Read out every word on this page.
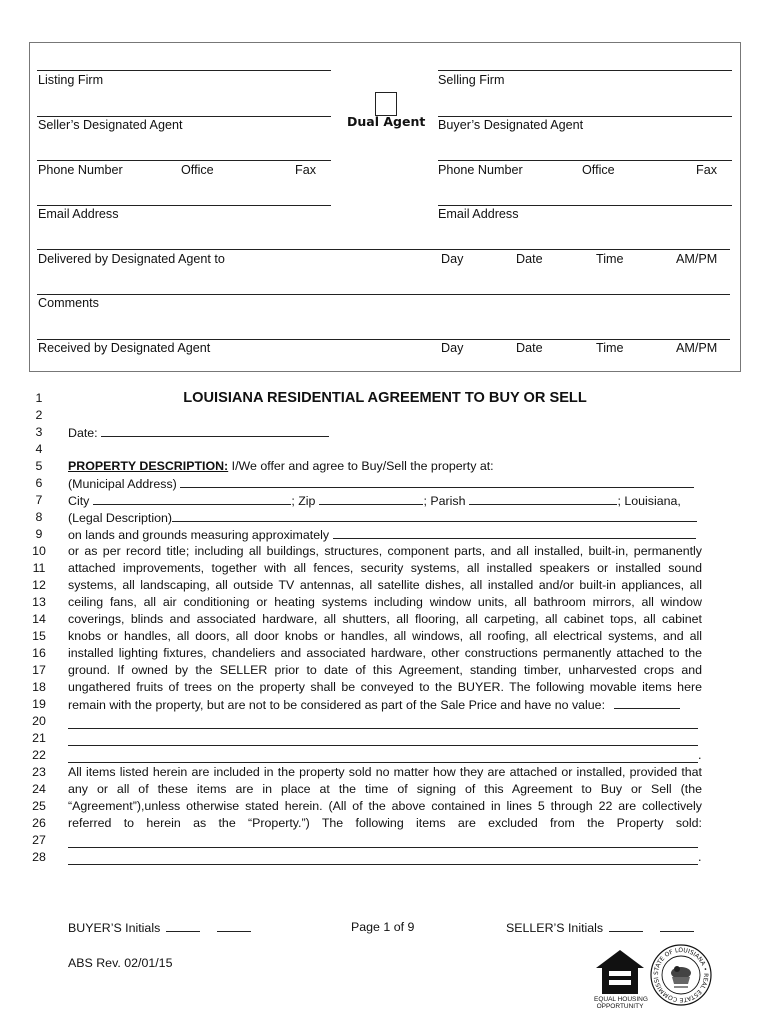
Listing Firm
Seller’s Designated Agent
Phone Number	Office	Fax
Email Address
Dual Agent
Selling Firm
Buyer’s Designated Agent
Phone Number	Office	Fax
Email Address
Delivered by Designated Agent to	Day	Date	Time	AM/PM
Comments
Received by Designated Agent	Day	Date	Time	AM/PM
LOUISIANA RESIDENTIAL AGREEMENT TO BUY OR SELL
1
2
3
4
5
6
7
8
9
10
11
12
13
14
15
16
17
18
19
20
21
22
23
24
25
26
27
28
Date:
PROPERTY DESCRIPTION: I/We offer and agree to Buy/Sell the property at:
(Municipal Address)
City	; Zip	; Parish	; Louisiana,
(Legal Description)
on lands and grounds measuring approximately
or as per record title; including all buildings, structures, component parts, and all installed, built-in, permanently
attached improvements, together with all fences, security systems, all installed speakers or installed sound
systems, all landscaping, all outside TV antennas, all satellite dishes, all installed and/or built-in appliances, all
ceiling fans, all air conditioning or heating systems including window units, all bathroom mirrors, all window
coverings, blinds and associated hardware, all shutters, all flooring, all carpeting, all cabinet tops, all cabinet
knobs or handles, all doors, all door knobs or handles, all windows, all roofing, all electrical systems, and all
installed lighting fixtures, chandeliers and associated hardware, other constructions permanently attached to the
ground. If owned by the SELLER prior to date of this Agreement, standing timber, unharvested crops and
ungathered fruits of trees on the property shall be conveyed to the BUYER. The following movable items here
remain with the property, but are not to be considered as part of the Sale Price and have no value:
.
All items listed herein are included in the property sold no matter how they are attached or installed, provided that
any or all of these items are in place at the time of signing of this Agreement to Buy or Sell (the
“Agreement”),unless otherwise stated herein. (All of the above contained in lines 5 through 22 are collectively
referred to herein as the “Property.”) The following items are excluded from the Property sold:
.
BUYER’S Initials	Page 1 of 9	SELLER’S Initials
ABS Rev. 02/01/15
EQUAL HOUSING
OPPORTUNITY
STATE OF LOUISIANA • REAL ESTATE COMMISSI
